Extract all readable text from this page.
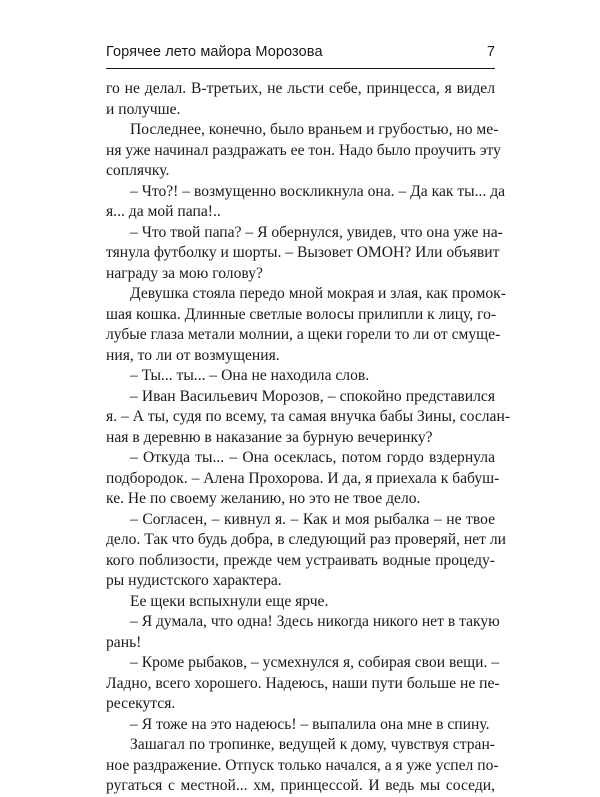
Горячее лето майора Морозова	7
го не делал. В-третьих, не льсти себе, принцесса, я видел
и получше.
Последнее, конечно, было враньем и грубостью, но ме-
ня уже начинал раздражать ее тон. Надо было проучить эту
соплячку.
– Что?! – возмущенно воскликнула она. – Да как ты... да
я... да мой папа!..
– Что твой папа? – Я обернулся, увидев, что она уже на-
тянула футболку и шорты. – Вызовет ОМОН? Или объявит
награду за мою голову?
Девушка стояла передо мной мокрая и злая, как промок-
шая кошка. Длинные светлые волосы прилипли к лицу, го-
лубые глаза метали молнии, а щеки горели то ли от смуще-
ния, то ли от возмущения.
– Ты... ты... – Она не находила слов.
– Иван Васильевич Морозов, – спокойно представился
я. – А ты, судя по всему, та самая внучка бабы Зины, сослан-
ная в деревню в наказание за бурную вечеринку?
– Откуда ты... – Она осеклась, потом гордо вздернула
подбородок. – Алена Прохорова. И да, я приехала к бабуш-
ке. Не по своему желанию, но это не твое дело.
– Согласен, – кивнул я. – Как и моя рыбалка – не твое
дело. Так что будь добра, в следующий раз проверяй, нет ли
кого поблизости, прежде чем устраивать водные процеду-
ры нудистского характера.
Ее щеки вспыхнули еще ярче.
– Я думала, что одна! Здесь никогда никого нет в такую
рань!
– Кроме рыбаков, – усмехнулся я, собирая свои вещи. –
Ладно, всего хорошего. Надеюсь, наши пути больше не пе-
ресекутся.
– Я тоже на это надеюсь! – выпалила она мне в спину.
Зашагал по тропинке, ведущей к дому, чувствуя стран-
ное раздражение. Отпуск только начался, а я уже успел по-
ругаться с местной... хм, принцессой. И ведь мы соседи,
